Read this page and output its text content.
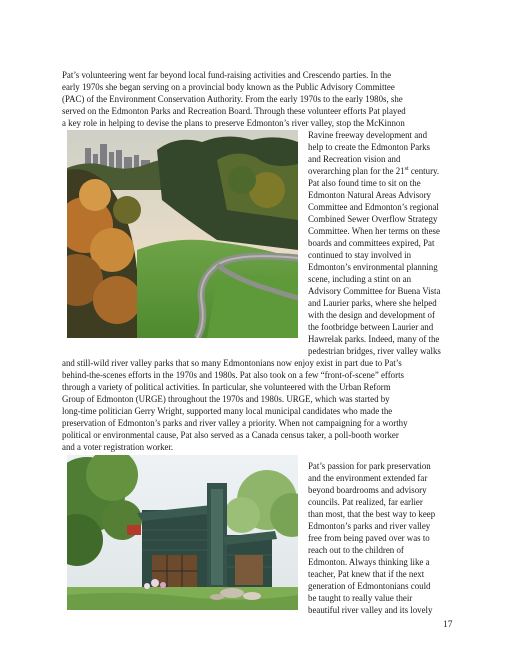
Pat’s volunteering went far beyond local fund-raising activities and Crescendo parties. In the
early 1970s she began serving on a provincial body known as the Public Advisory Committee
(PAC) of the Environment Conservation Authority. From the early 1970s to the early 1980s, she
served on the Edmonton Parks and Recreation Board. Through these volunteer efforts Pat played
a key role in helping to devise the plans to preserve Edmonton’s river valley, stop the McKinnon
Ravine freeway development and
help to create the Edmonton Parks
and Recreation vision and
overarching plan for the 21st century.
Pat also found time to sit on the
Edmonton Natural Areas Advisory
Committee and Edmonton’s regional
Combined Sewer Overflow Strategy
Committee. When her terms on these
boards and committees expired, Pat
continued to stay involved in
Edmonton’s environmental planning
scene, including a stint on an
Advisory Committee for Buena Vista
and Laurier parks, where she helped
with the design and development of
the footbridge between Laurier and
Hawrelak parks. Indeed, many of the
pedestrian bridges, river valley walks
and still-wild river valley parks that so many Edmontonians now enjoy exist in part due to Pat’s
behind-the-scenes efforts in the 1970s and 1980s. Pat also took on a few “front-of-scene” efforts
through a variety of political activities. In particular, she volunteered with the Urban Reform
Group of Edmonton (URGE) throughout the 1970s and 1980s. URGE, which was started by
long-time politician Gerry Wright, supported many local municipal candidates who made the
preservation of Edmonton’s parks and river valley a priority. When not campaigning for a worthy
political or environmental cause, Pat also served as a Canada census taker, a poll-booth worker
and a voter registration worker.
Pat’s passion for park preservation
and the environment extended far
beyond boardrooms and advisory
councils. Pat realized, far earlier
than most, that the best way to keep
Edmonton’s parks and river valley
free from being paved over was to
reach out to the children of
Edmonton. Always thinking like a
teacher, Pat knew that if the next
generation of Edmontonians could
be taught to really value their
beautiful river valley and its lovely
17
